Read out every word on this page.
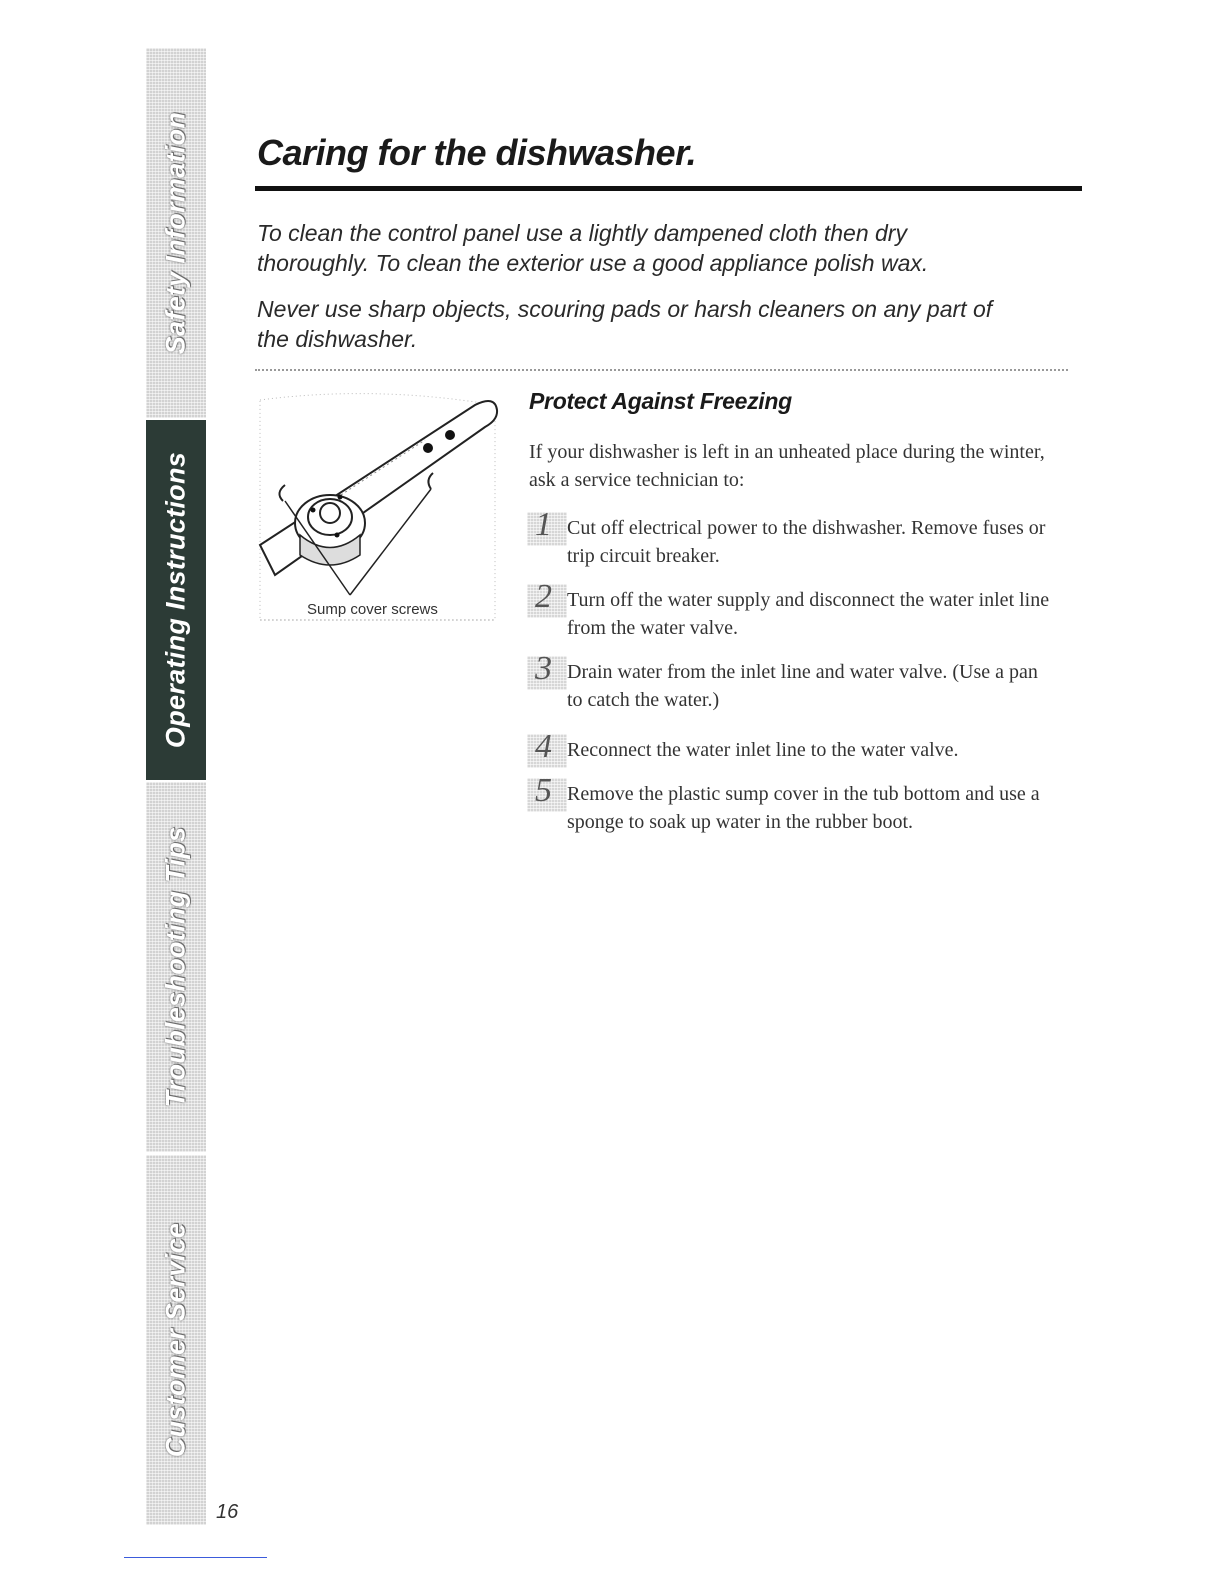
Safety Information
Operating Instructions
Troubleshooting Tips
Customer Service
Caring for the dishwasher.

To clean the control panel use a lightly dampened cloth then dry thoroughly. To clean the exterior use a good appliance polish wax.

Never use sharp objects, scouring pads or harsh cleaners on any part of the dishwasher.

Sump cover screws
Protect Against Freezing

If your dishwasher is left in an unheated place during the winter, ask a service technician to:

1 Cut off electrical power to the dishwasher. Remove fuses or trip circuit breaker.

2 Turn off the water supply and disconnect the water inlet line from the water valve.

3 Drain water from the inlet line and water valve. (Use a pan to catch the water.)

4 Reconnect the water inlet line to the water valve.

5 Remove the plastic sump cover in the tub bottom and use a sponge to soak up water in the rubber boot.

16
